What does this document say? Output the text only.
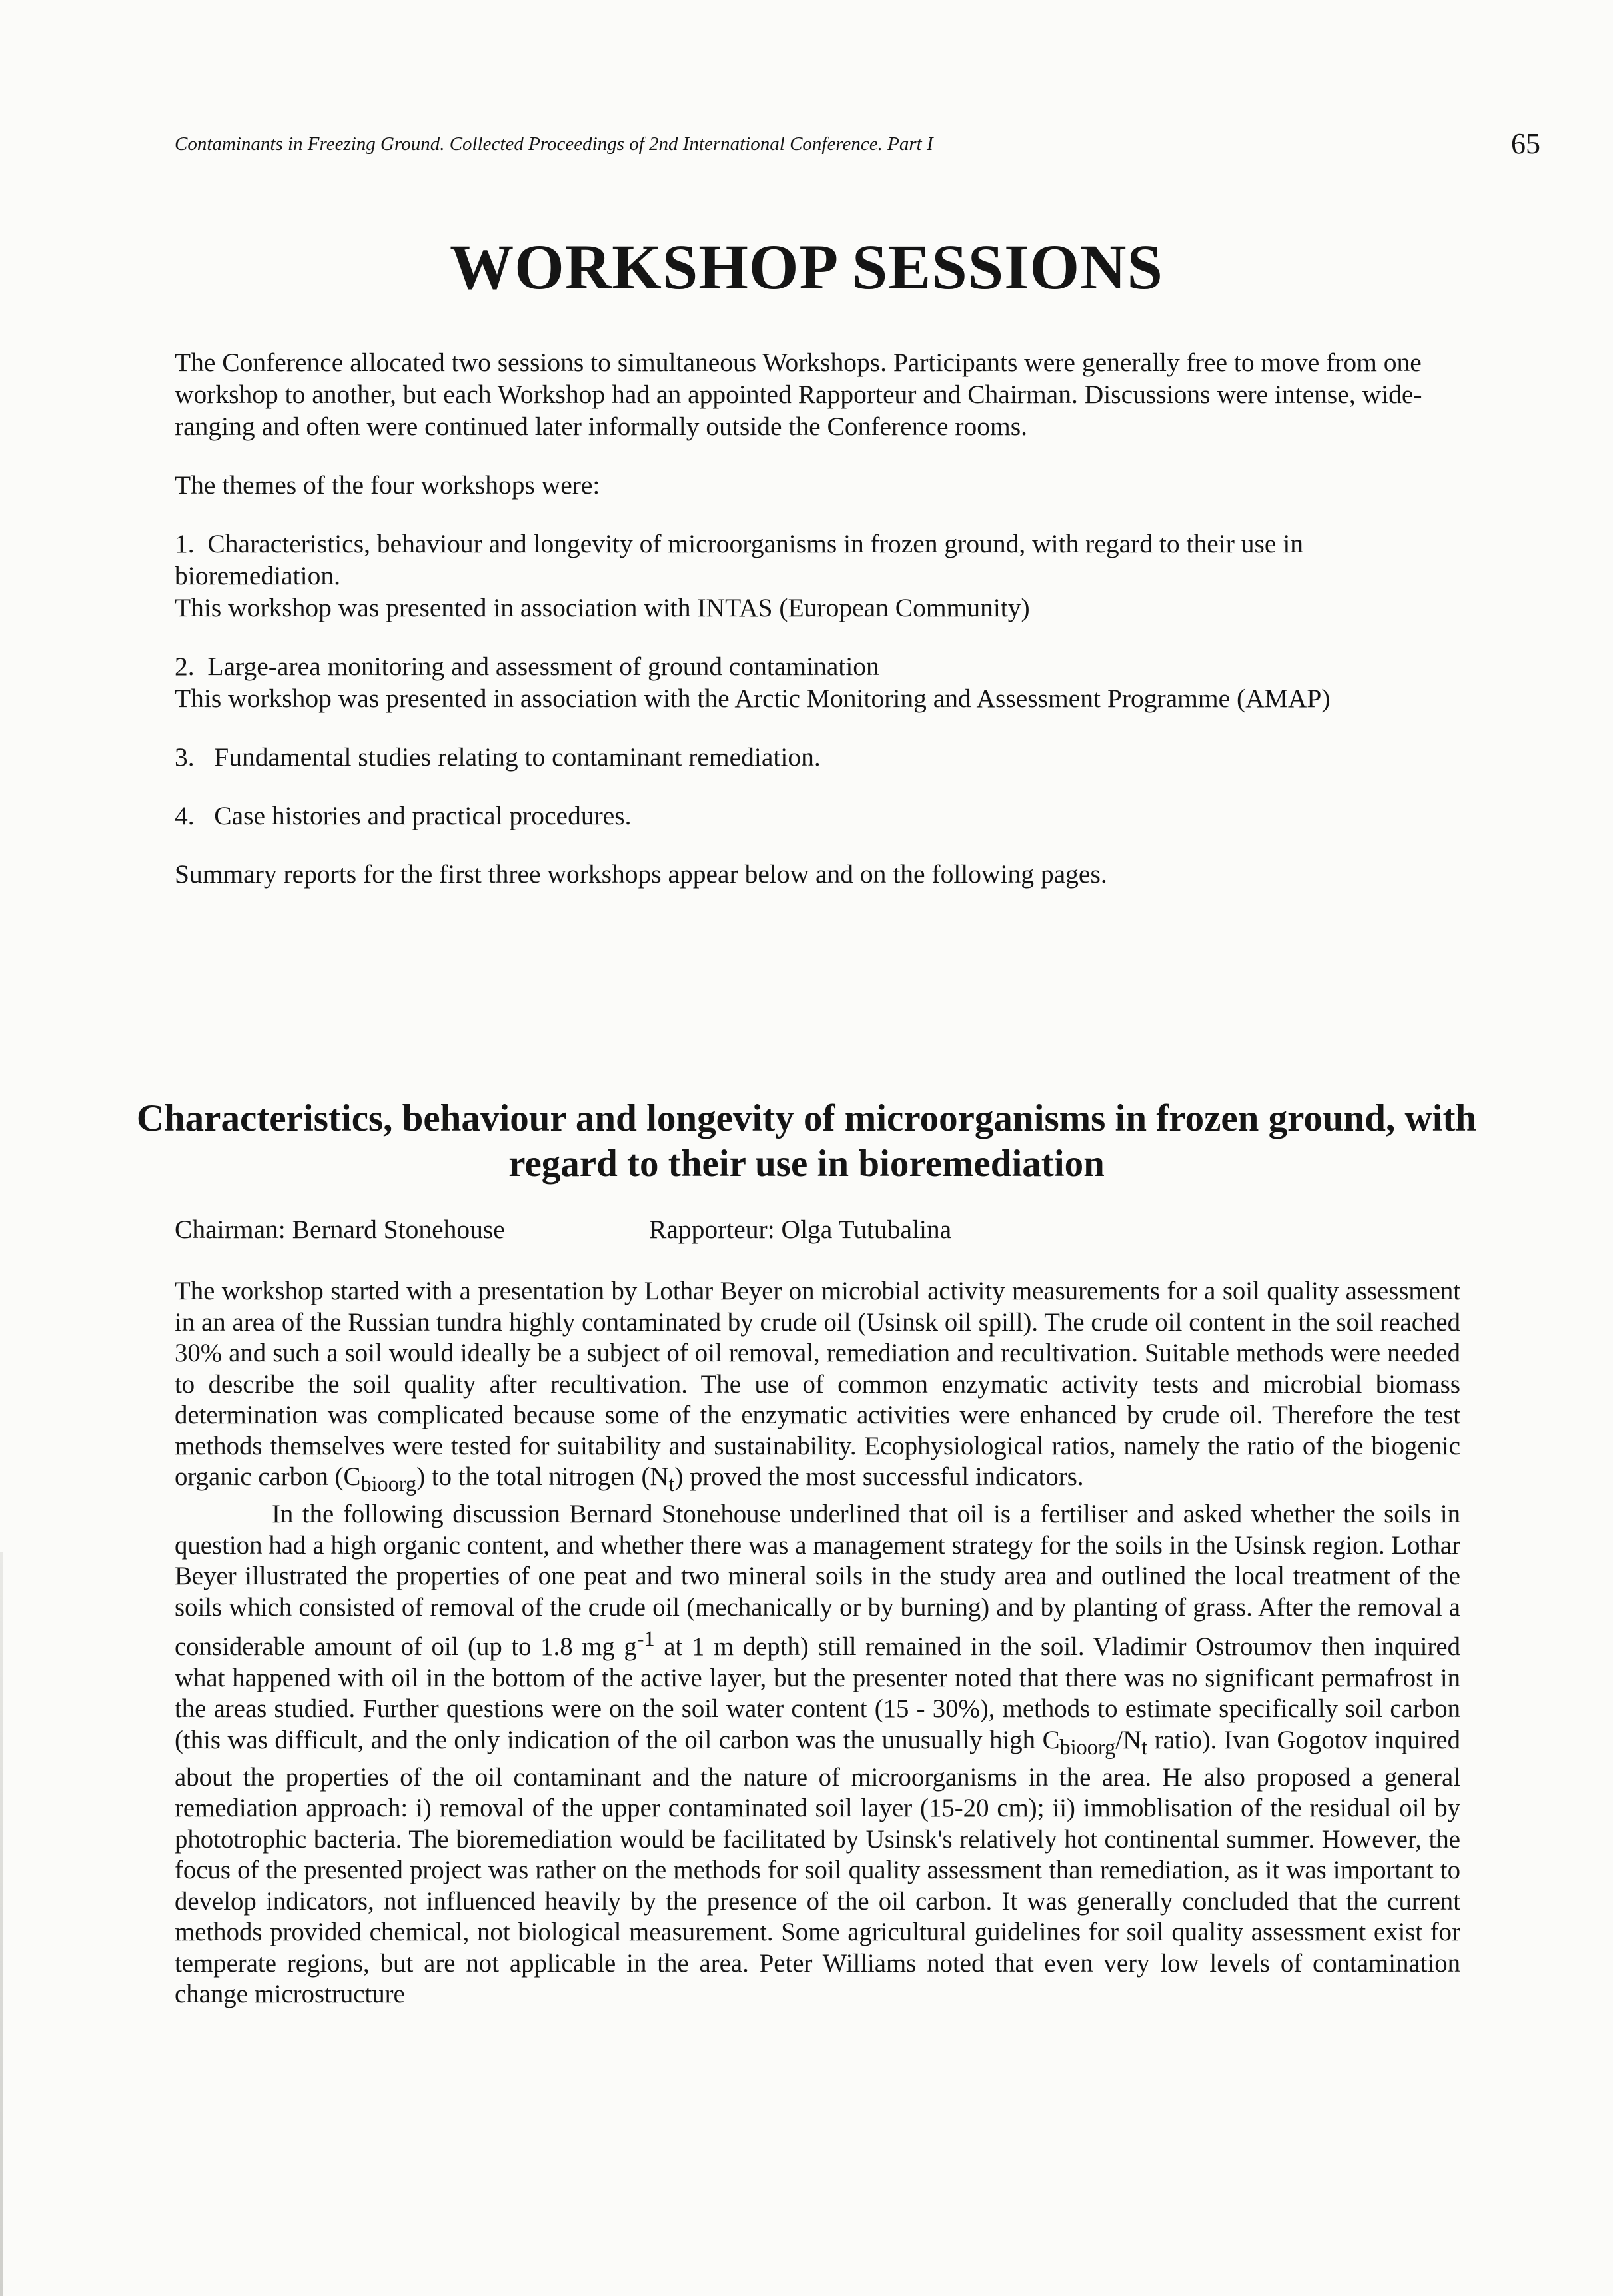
Contaminants in Freezing Ground. Collected Proceedings of 2nd International Conference. Part I	65
WORKSHOP SESSIONS

The Conference allocated two sessions to simultaneous Workshops. Participants were generally free to move from one workshop to another, but each Workshop had an appointed Rapporteur and Chairman. Discussions were intense, wide-ranging and often were continued later informally outside the Conference rooms.

The themes of the four workshops were:

1. Characteristics, behaviour and longevity of microorganisms in frozen ground, with regard to their use in bioremediation.
This workshop was presented in association with INTAS (European Community)
2. Large-area monitoring and assessment of ground contamination
This workshop was presented in association with the Arctic Monitoring and Assessment Programme (AMAP)
3. Fundamental studies relating to contaminant remediation.
4. Case histories and practical procedures.

Summary reports for the first three workshops appear below and on the following pages.

Characteristics, behaviour and longevity of microorganisms in frozen ground, with regard to their use in bioremediation
Chairman: Bernard Stonehouse	Rapporteur: Olga Tutubalina

The workshop started with a presentation by Lothar Beyer on microbial activity measurements for a soil quality assessment in an area of the Russian tundra highly contaminated by crude oil (Usinsk oil spill). The crude oil content in the soil reached 30% and such a soil would ideally be a subject of oil removal, remediation and recultivation. Suitable methods were needed to describe the soil quality after recultivation. The use of common enzymatic activity tests and microbial biomass determination was complicated because some of the enzymatic activities were enhanced by crude oil. Therefore the test methods themselves were tested for suitability and sustainability. Ecophysiological ratios, namely the ratio of the biogenic organic carbon $(C_{bioorg})$ to the total nitrogen $(N_t)$ proved the most successful indicators.

In the following discussion Bernard Stonehouse underlined that oil is a fertiliser and asked whether the soils in question had a high organic content, and whether there was a management strategy for the soils in the Usinsk region. Lothar Beyer illustrated the properties of one peat and two mineral soils in the study area and outlined the local treatment of the soils which consisted of removal of the crude oil (mechanically or by burning) and by planting of grass. After the removal a considerable amount of oil (up to 1.8 mg $g^{-1}$ at 1 m depth) still remained in the soil. Vladimir Ostroumov then inquired what happened with oil in the bottom of the active layer, but the presenter noted that there was no significant permafrost in the areas studied. Further questions were on the soil water content (15 - 30%), methods to estimate specifically soil carbon (this was difficult, and the only indication of the oil carbon was the unusually high $C_{bioorg}/N_t$ ratio). Ivan Gogotov inquired about the properties of the oil contaminant and the nature of microorganisms in the area. He also proposed a general remediation approach: i) removal of the upper contaminated soil layer (15-20 cm); ii) immoblisation of the residual oil by phototrophic bacteria. The bioremediation would be facilitated by Usinsk's relatively hot continental summer. However, the focus of the presented project was rather on the methods for soil quality assessment than remediation, as it was important to develop indicators, not influenced heavily by the presence of the oil carbon. It was generally concluded that the current methods provided chemical, not biological measurement. Some agricultural guidelines for soil quality assessment exist for temperate regions, but are not applicable in the area. Peter Williams noted that even very low levels of contamination change microstructure
